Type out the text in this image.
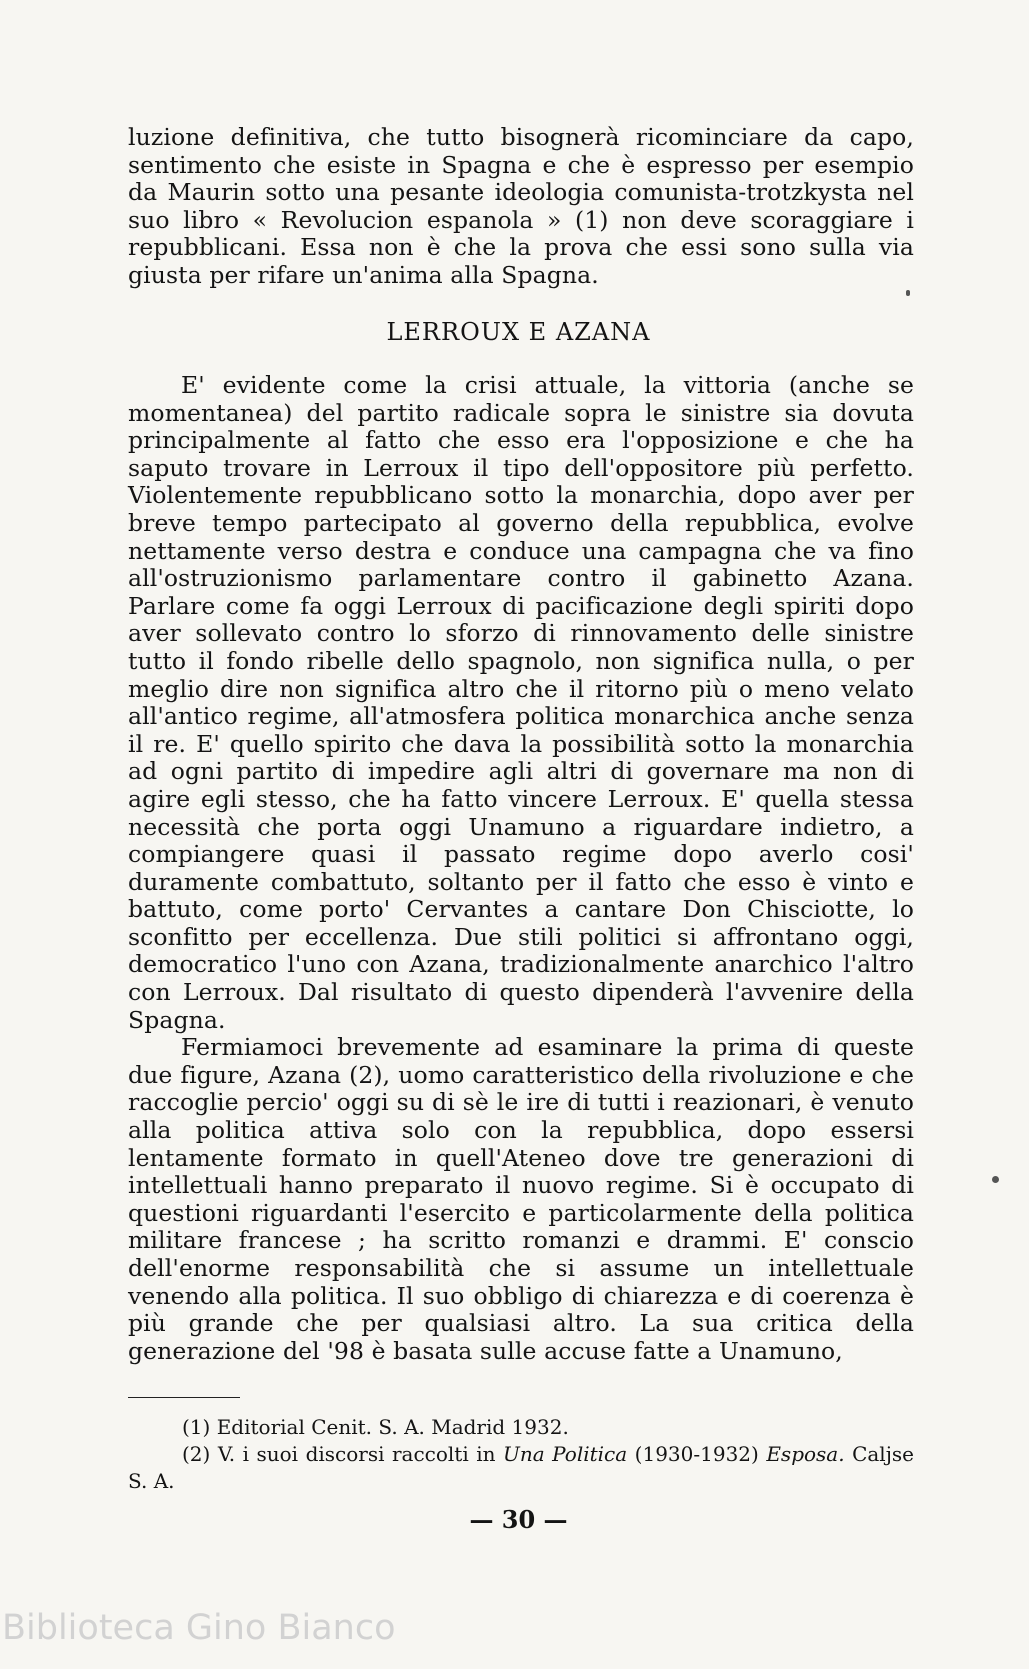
luzione definitiva, che tutto bisognerà ricominciare da capo, sentimento che esiste in Spagna e che è espresso per esempio da Maurin sotto una pesante ideologia comunista-trotzkysta nel suo libro « Revolucion espanola » (1) non deve scoraggiare i repubblicani. Essa non è che la prova che essi sono sulla via giusta per rifare un'anima alla Spagna.

LERROUX E AZANA

E' evidente come la crisi attuale, la vittoria (anche se momentanea) del partito radicale sopra le sinistre sia dovuta principalmente al fatto che esso era l'opposizione e che ha saputo trovare in Lerroux il tipo dell'oppositore più perfetto. Violentemente repubblicano sotto la monarchia, dopo aver per breve tempo partecipato al governo della repubblica, evolve nettamente verso destra e conduce una campagna che va fino all'ostruzionismo parlamentare contro il gabinetto Azana. Parlare come fa oggi Lerroux di pacificazione degli spiriti dopo aver sollevato contro lo sforzo di rinnovamento delle sinistre tutto il fondo ribelle dello spagnolo, non significa nulla, o per meglio dire non significa altro che il ritorno più o meno velato all'antico regime, all'atmosfera politica monarchica anche senza il re. E' quello spirito che dava la possibilità sotto la monarchia ad ogni partito di impedire agli altri di governare ma non di agire egli stesso, che ha fatto vincere Lerroux. E' quella stessa necessità che porta oggi Unamuno a riguardare indietro, a compiangere quasi il passato regime dopo averlo cosi' duramente combattuto, soltanto per il fatto che esso è vinto e battuto, come porto' Cervantes a cantare Don Chisciotte, lo sconfitto per eccellenza. Due stili politici si affrontano oggi, democratico l'uno con Azana, tradizionalmente anarchico l'altro con Lerroux. Dal risultato di questo dipenderà l'avvenire della Spagna.

Fermiamoci brevemente ad esaminare la prima di queste due figure, Azana (2), uomo caratteristico della rivoluzione e che raccoglie percio' oggi su di sè le ire di tutti i reazionari, è venuto alla politica attiva solo con la repubblica, dopo essersi lentamente formato in quell'Ateneo dove tre generazioni di intellettuali hanno preparato il nuovo regime. Si è occupato di questioni riguardanti l'esercito e particolarmente della politica militare francese ; ha scritto romanzi e drammi. E' conscio dell'enorme responsabilità che si assume un intellettuale venendo alla politica. Il suo obbligo di chiarezza e di coerenza è più grande che per qualsiasi altro. La sua critica della generazione del '98 è basata sulle accuse fatte a Unamuno,

(1) Editorial Cenit. S. A. Madrid 1932.

(2) V. i suoi discorsi raccolti in Una Politica (1930-1932) Esposa. Caljse S. A.

— 30 —
Biblioteca Gino Bianco
